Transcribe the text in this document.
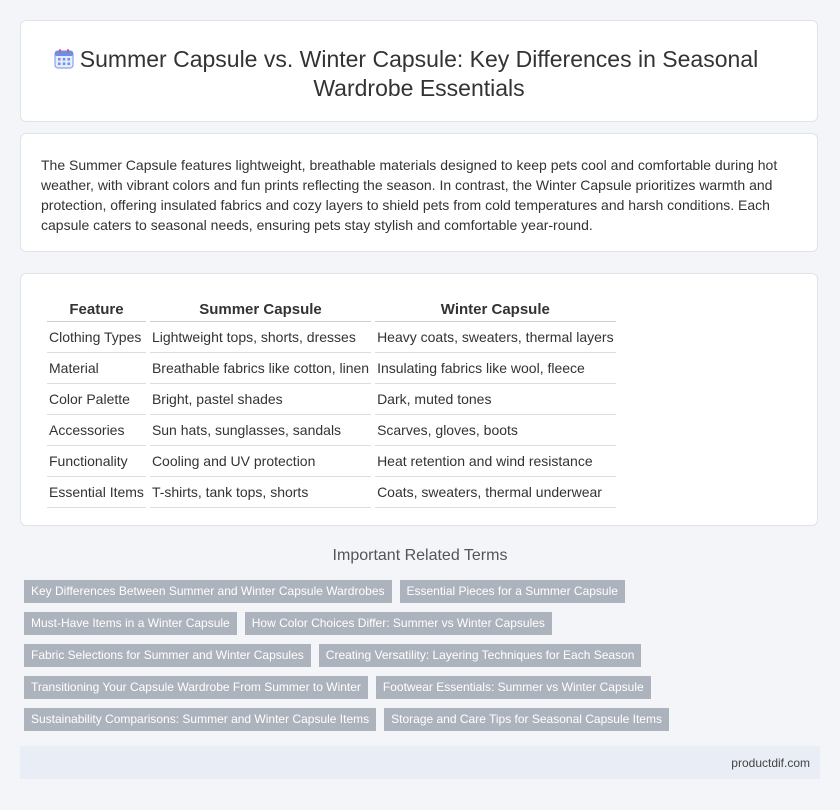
Summer Capsule vs. Winter Capsule: Key Differences in Seasonal
Wardrobe Essentials

The Summer Capsule features lightweight, breathable materials designed to keep pets cool and comfortable during hot weather, with vibrant colors and fun prints reflecting the season. In contrast, the Winter Capsule prioritizes warmth and protection, offering insulated fabrics and cozy layers to shield pets from cold temperatures and harsh conditions. Each capsule caters to seasonal needs, ensuring pets stay stylish and comfortable year-round.

Feature	Summer Capsule	Winter Capsule
Clothing Types	Lightweight tops, shorts, dresses	Heavy coats, sweaters, thermal layers
Material	Breathable fabrics like cotton, linen	Insulating fabrics like wool, fleece
Color Palette	Bright, pastel shades	Dark, muted tones
Accessories	Sun hats, sunglasses, sandals	Scarves, gloves, boots
Functionality	Cooling and UV protection	Heat retention and wind resistance
Essential Items	T-shirts, tank tops, shorts	Coats, sweaters, thermal underwear
Important Related Terms
Key Differences Between Summer and Winter Capsule Wardrobes	Essential Pieces for a Summer Capsule
Must-Have Items in a Winter Capsule	How Color Choices Differ: Summer vs Winter Capsules
Fabric Selections for Summer and Winter Capsules	Creating Versatility: Layering Techniques for Each Season
Transitioning Your Capsule Wardrobe From Summer to Winter	Footwear Essentials: Summer vs Winter Capsule
Sustainability Comparisons: Summer and Winter Capsule Items	Storage and Care Tips for Seasonal Capsule Items
productdif.com
